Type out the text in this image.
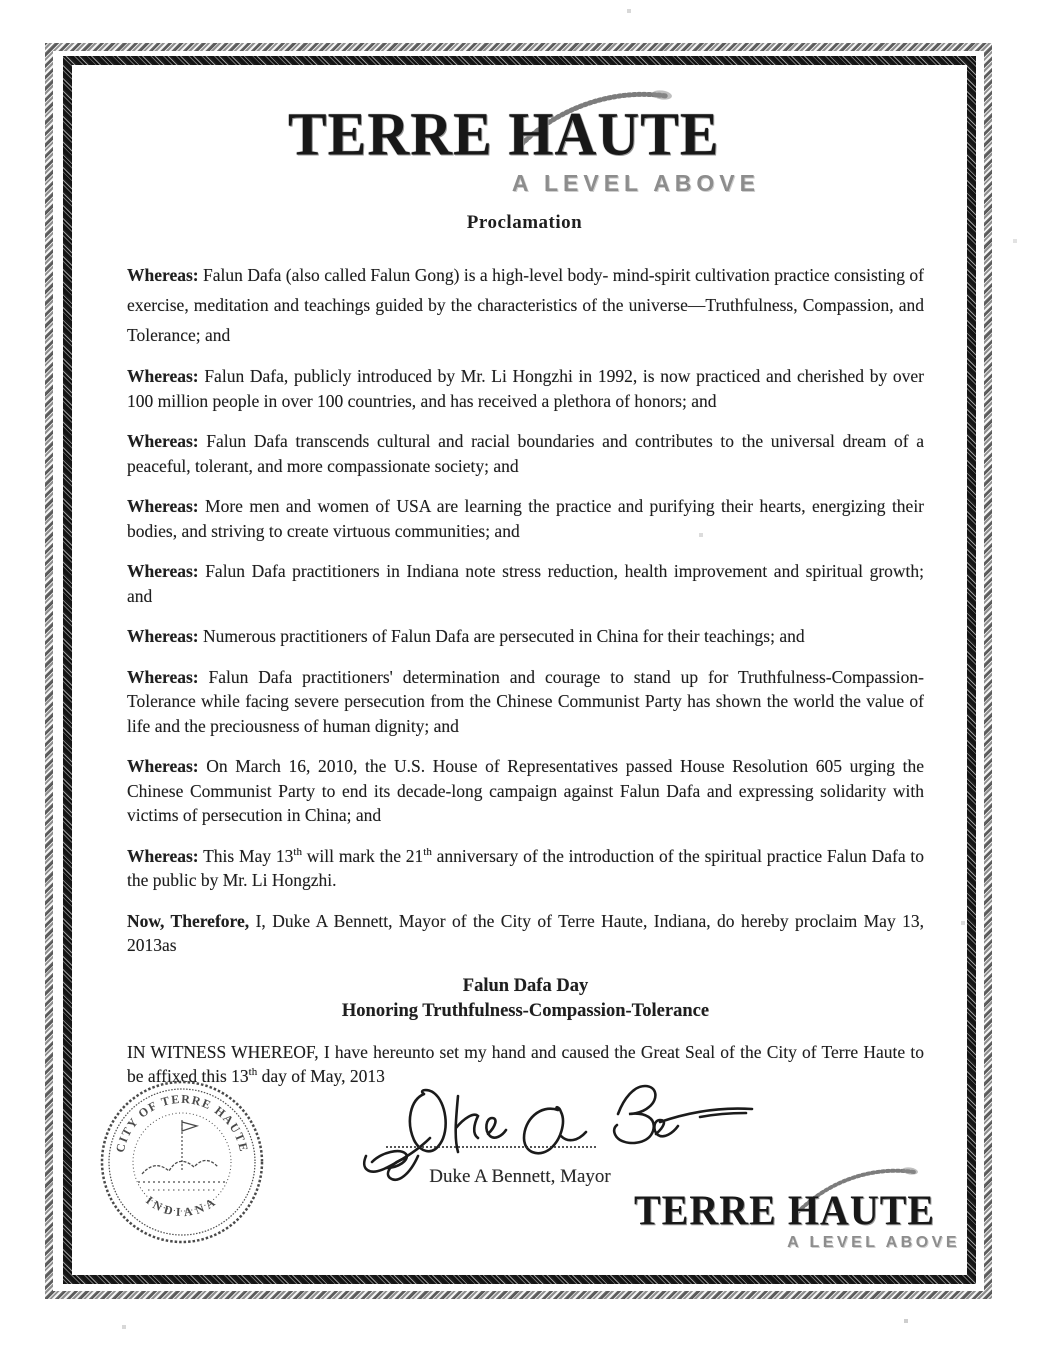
TERRE HAUTE
A LEVEL ABOVE
Proclamation

Whereas: Falun Dafa (also called Falun Gong) is a high-level body- mind-spirit cultivation practice consisting of exercise, meditation and teachings guided by the characteristics of the universe—Truthfulness, Compassion, and Tolerance; and

Whereas: Falun Dafa, publicly introduced by Mr. Li Hongzhi in 1992, is now practiced and cherished by over 100 million people in over 100 countries, and has received a plethora of honors; and

Whereas: Falun Dafa transcends cultural and racial boundaries and contributes to the universal dream of a peaceful, tolerant, and more compassionate society; and

Whereas: More men and women of USA are learning the practice and purifying their hearts, energizing their bodies, and striving to create virtuous communities; and

Whereas: Falun Dafa practitioners in Indiana note stress reduction, health improvement and spiritual growth; and

Whereas: Numerous practitioners of Falun Dafa are persecuted in China for their teachings; and

Whereas: Falun Dafa practitioners' determination and courage to stand up for Truthfulness-Compassion-Tolerance while facing severe persecution from the Chinese Communist Party has shown the world the value of life and the preciousness of human dignity; and

Whereas: On March 16, 2010, the U.S. House of Representatives passed House Resolution 605 urging the Chinese Communist Party to end its decade-long campaign against Falun Dafa and expressing solidarity with victims of persecution in China; and

Whereas: This May 13th will mark the 21th anniversary of the introduction of the spiritual practice Falun Dafa to the public by Mr. Li Hongzhi.

Now, Therefore, I, Duke A Bennett, Mayor of the City of Terre Haute, Indiana, do hereby proclaim May 13, 2013as

Falun Dafa Day
Honoring Truthfulness-Compassion-Tolerance

IN WITNESS WHEREOF, I have hereunto set my hand and caused the Great Seal of the City of Terre Haute to be affixed this 13th day of May, 2013

CITY OF TERRE HAUTE
INDIANA
Duke A Bennett, Mayor
TERRE HAUTE
A LEVEL ABOVE
